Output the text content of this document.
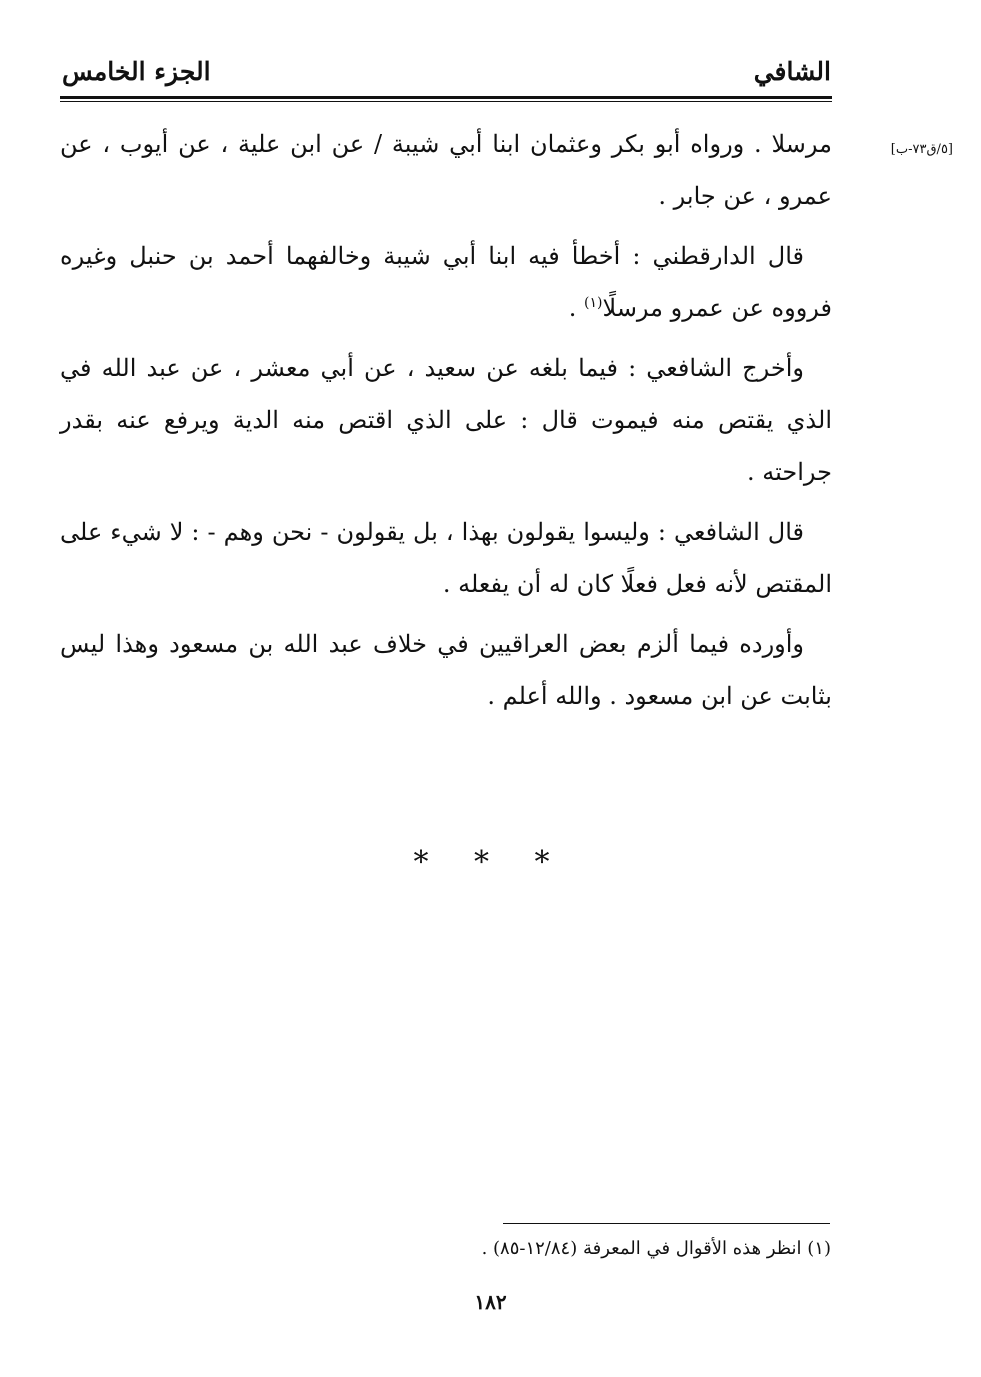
الشافي
الجزء الخامس
[٥/ق٧٣-ب]

مرسلا . ورواه أبو بكر وعثمان ابنا أبي شيبة / عن ابن علية ، عن أيوب ، عن عمرو ، عن جابر .

قال الدارقطني : أخطأ فيه ابنا أبي شيبة وخالفهما أحمد بن حنبل وغيره فرووه عن عمرو مرسلًا$^{(١)}$ .

وأخرج الشافعي : فيما بلغه عن سعيد ، عن أبي معشر ، عن عبد الله في الذي يقتص منه فيموت قال : على الذي اقتص منه الدية ويرفع عنه بقدر جراحته .

قال الشافعي : وليسوا يقولون بهذا ، بل يقولون - نحن وهم - : لا شيء على المقتص لأنه فعل فعلًا كان له أن يفعله .

وأورده فيما ألزم بعض العراقيين في خلاف عبد الله بن مسعود وهذا ليس بثابت عن ابن مسعود . والله أعلم .

* * *
(١) انظر هذه الأقوال في المعرفة (١٢/٨٤-٨٥) .
١٨٢
